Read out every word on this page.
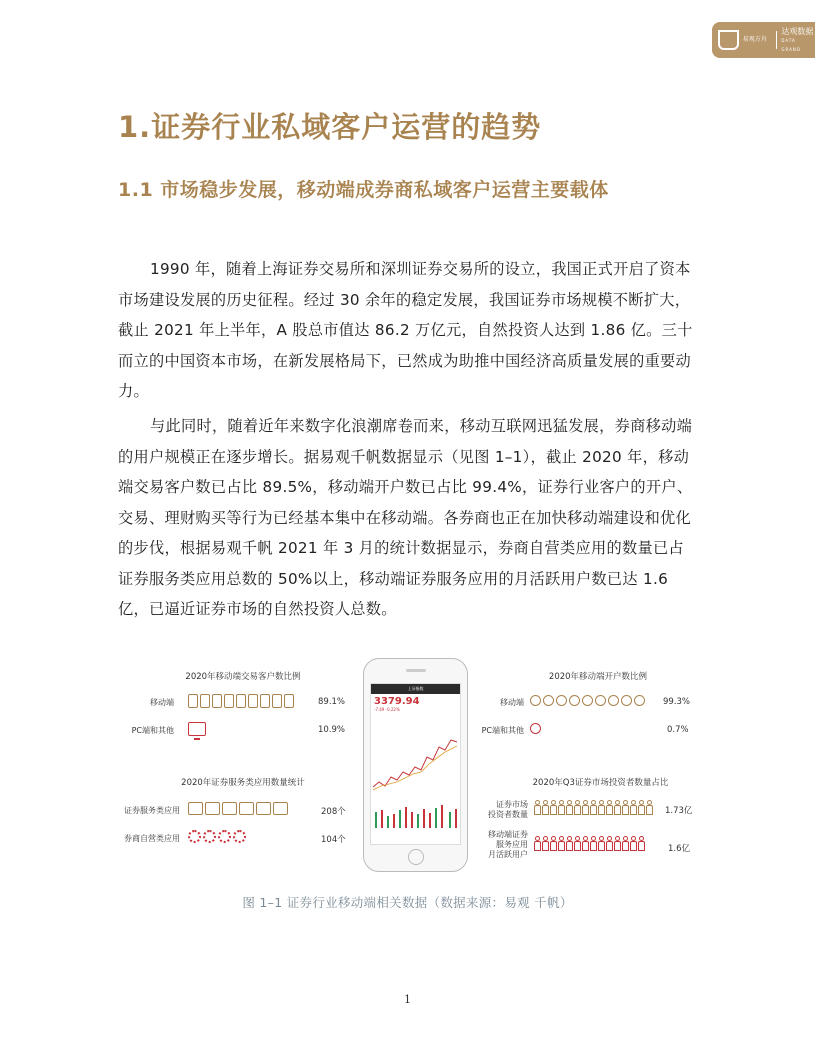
易观方舟
达观数据
DATA GRAND
1.证券行业私域客户运营的趋势
1.1 市场稳步发展，移动端成券商私域客户运营主要载体

1990 年，随着上海证券交易所和深圳证券交易所的设立，我国正式开启了资本市场建设发展的历史征程。经过 30 余年的稳定发展，我国证券市场规模不断扩大，截止 2021 年上半年，A 股总市值达 86.2 万亿元，自然投资人达到 1.86 亿。三十而立的中国资本市场，在新发展格局下，已然成为助推中国经济高质量发展的重要动力。

与此同时，随着近年来数字化浪潮席卷而来，移动互联网迅猛发展，券商移动端的用户规模正在逐步增长。据易观千帆数据显示（见图 1–1），截止 2020 年，移动端交易客户数已占比 89.5%，移动端开户数已占比 99.4%，证券行业客户的开户、交易、理财购买等行为已经基本集中在移动端。各券商也正在加快移动端建设和优化的步伐，根据易观千帆 2021 年 3 月的统计数据显示，券商自营类应用的数量已占证券服务类应用总数的 50%以上，移动端证券服务应用的月活跃用户数已达 1.6 亿，已逼近证券市场的自然投资人总数。

2020年移动端交易客户数比例
移动端	89.1%
PC端和其他	10.9%
2020年证券服务类应用数量统计
证券服务类应用	208个
券商自营类应用	104个
上证指数
3379.94
-7.49 -0.22%
2020年移动端开户数比例
移动端	99.3%
PC端和其他	0.7%
2020年Q3证券市场投资者数量占比
证券市场
投资者数量	1.73亿
移动端证券
服务应用
月活跃用户
1.6亿
图 1–1 证券行业移动端相关数据（数据来源：易观 千帆）
1
